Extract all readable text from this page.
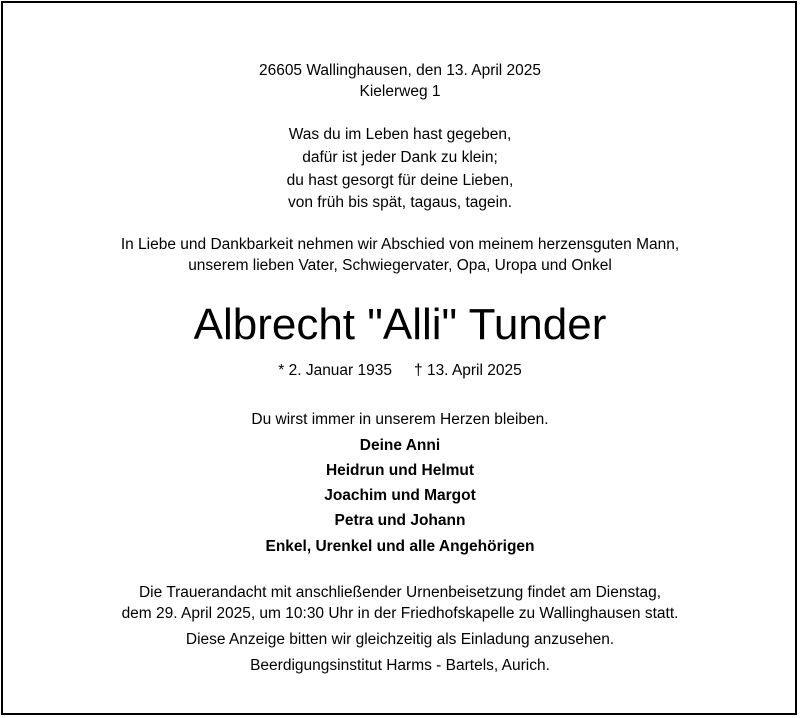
26605 Wallinghausen, den 13. April 2025
Kielerweg 1
Was du im Leben hast gegeben,
dafür ist jeder Dank zu klein;
du hast gesorgt für deine Lieben,
von früh bis spät, tagaus, tagein.
In Liebe und Dankbarkeit nehmen wir Abschied von meinem herzensguten Mann,
unserem lieben Vater, Schwiegervater, Opa, Uropa und Onkel
Albrecht "Alli" Tunder
* 2. Januar 1935 † 13. April 2025
Du wirst immer in unserem Herzen bleiben.
Deine Anni
Heidrun und Helmut
Joachim und Margot
Petra und Johann
Enkel, Urenkel und alle Angehörigen
Die Trauerandacht mit anschließender Urnenbeisetzung findet am Dienstag,
dem 29. April 2025, um 10:30 Uhr in der Friedhofskapelle zu Wallinghausen statt.
Diese Anzeige bitten wir gleichzeitig als Einladung anzusehen.
Beerdigungsinstitut Harms - Bartels, Aurich.
